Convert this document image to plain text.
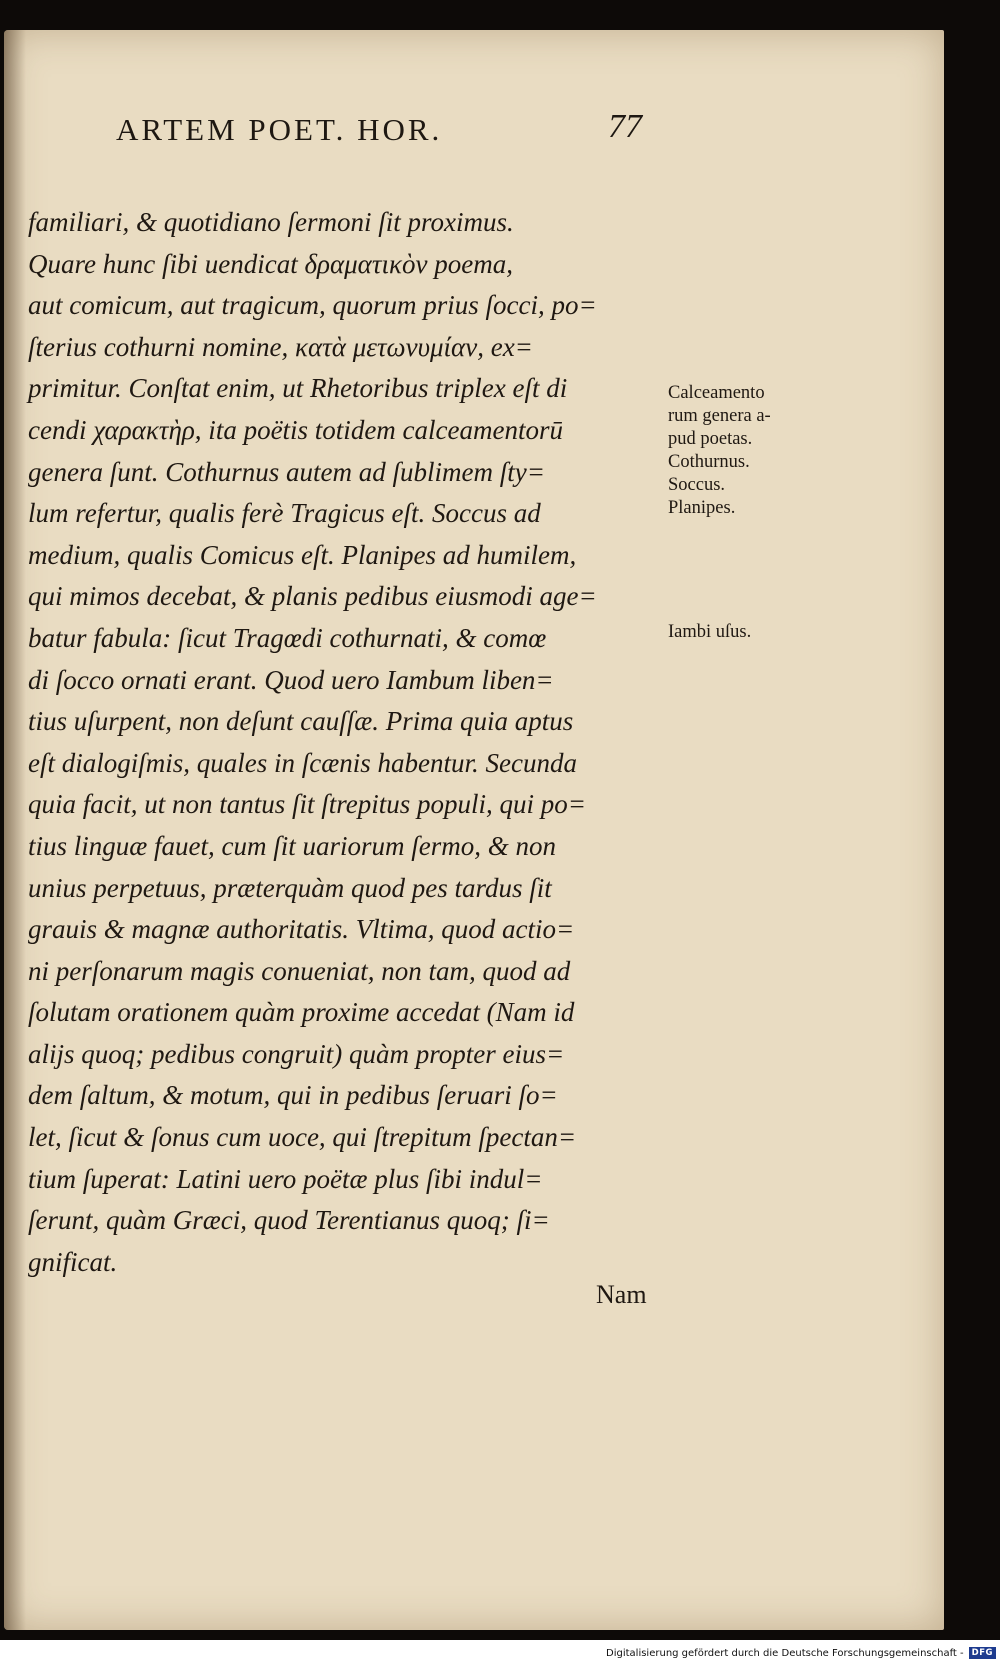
ARTEM POET. HOR.	77
familiari, & quotidiano ſermoni ſit proximus.
Quare hunc ſibi uendicat δραματικὸν poema,
aut comicum, aut tragicum, quorum prius ſocci, po=
ſterius cothurni nomine, κατὰ μετωνυμίαν, ex=
primitur. Conſtat enim, ut Rhetoribus triplex eſt di
cendi χαρακτὴρ, ita poëtis totidem calceamentorū
genera ſunt. Cothurnus autem ad ſublimem ſty=
lum refertur, qualis ferè Tragicus eſt. Soccus ad
medium, qualis Comicus eſt. Planipes ad humilem,
qui mimos decebat, & planis pedibus eiusmodi age=
batur fabula: ſicut Tragœdi cothurnati, & comœ
di ſocco ornati erant. Quod uero Iambum liben=
tius uſurpent, non deſunt cauſſæ. Prima quia aptus
eſt dialogiſmis, quales in ſcænis habentur. Secunda
quia facit, ut non tantus ſit ſtrepitus populi, qui po=
tius linguæ fauet, cum ſit uariorum ſermo, & non
unius perpetuus, præterquàm quod pes tardus ſit
grauis & magnæ authoritatis. Vltima, quod actio=
ni perſonarum magis conueniat, non tam, quod ad
ſolutam orationem quàm proxime accedat (Nam id
alijs quoq; pedibus congruit) quàm propter eius=
dem ſaltum, & motum, qui in pedibus ſeruari ſo=
let, ſicut & ſonus cum uoce, qui ſtrepitum ſpectan=
tium ſuperat: Latini uero poëtæ plus ſibi indul=
ſerunt, quàm Græci, quod Terentianus quoq; ſi=
gnificat.
Calceamento
rum genera a-
pud poetas.
Cothurnus.
Soccus.
Planipes.
Iambi uſus.
Nam
Digitalisierung gefördert durch die Deutsche Forschungsgemeinschaft - DFG
